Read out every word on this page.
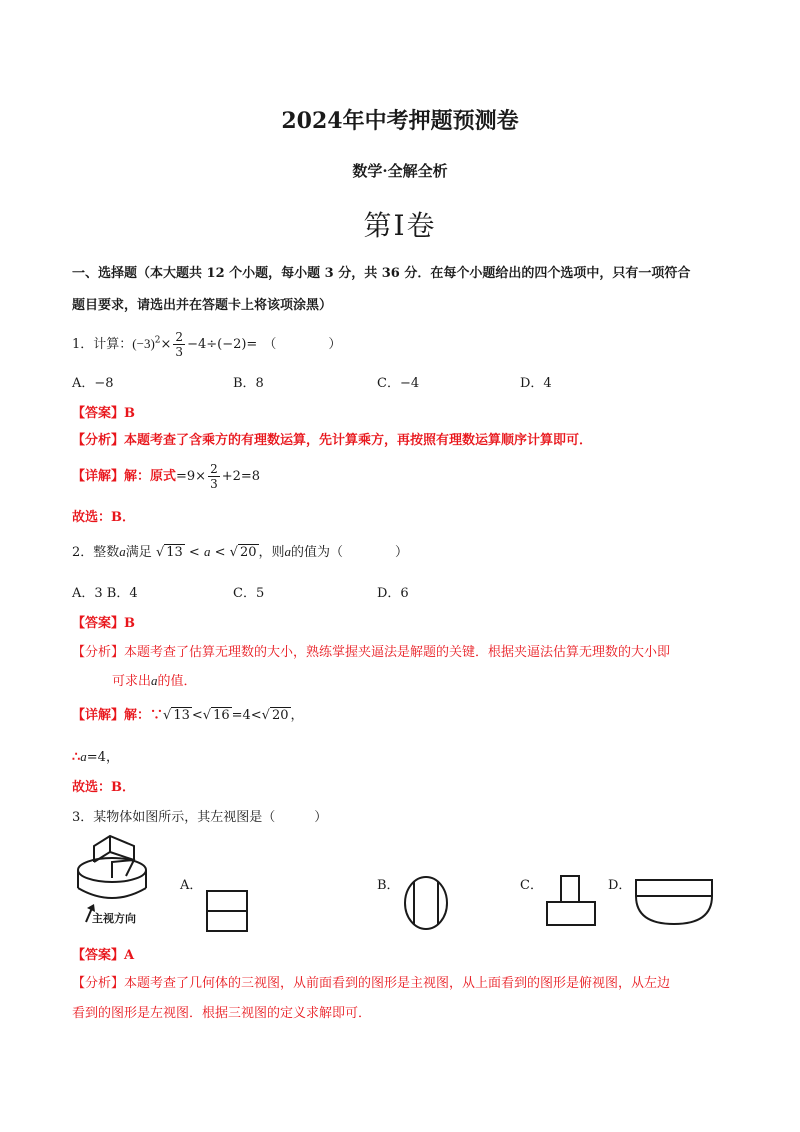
2024年中考押题预测卷
数学·全解全析
第Ⅰ卷
一、选择题（本大题共 12 个小题，每小题 3 分，共 36 分．在每个小题给出的四个选项中，只有一项符合
题目要求，请选出并在答题卡上将该项涂黑）
1．计算：$(-3)^2\times \frac{2}{3} -4\div(-2)=$ （　　　　）
A．−8	B．8	C．−4	D．4
【答案】B
【分析】本题考查了含乘方的有理数运算，先计算乘方，再按照有理数运算顺序计算即可．
【详解】解：原式$=9\times \frac{2}{3} +2=8$
故选：B．
2．整数a满足 √ 13 < a < √ 20 ，则a的值为（　　　　）
A．3 B．4	C．5	D．6
【答案】B
【分析】本题考查了估算无理数的大小，熟练掌握夹逼法是解题的关键．根据夹逼法估算无理数的大小即
可求出a的值．
【详解】解：∵√ 13 <√ 16 =4<√ 20 ，
∴a=4，
故选：B．
3．某物体如图所示，其左视图是（　　　）
主视方向
A．	B．	C．	D．
【答案】A
【分析】本题考查了几何体的三视图，从前面看到的图形是主视图，从上面看到的图形是俯视图，从左边
看到的图形是左视图．根据三视图的定义求解即可．
